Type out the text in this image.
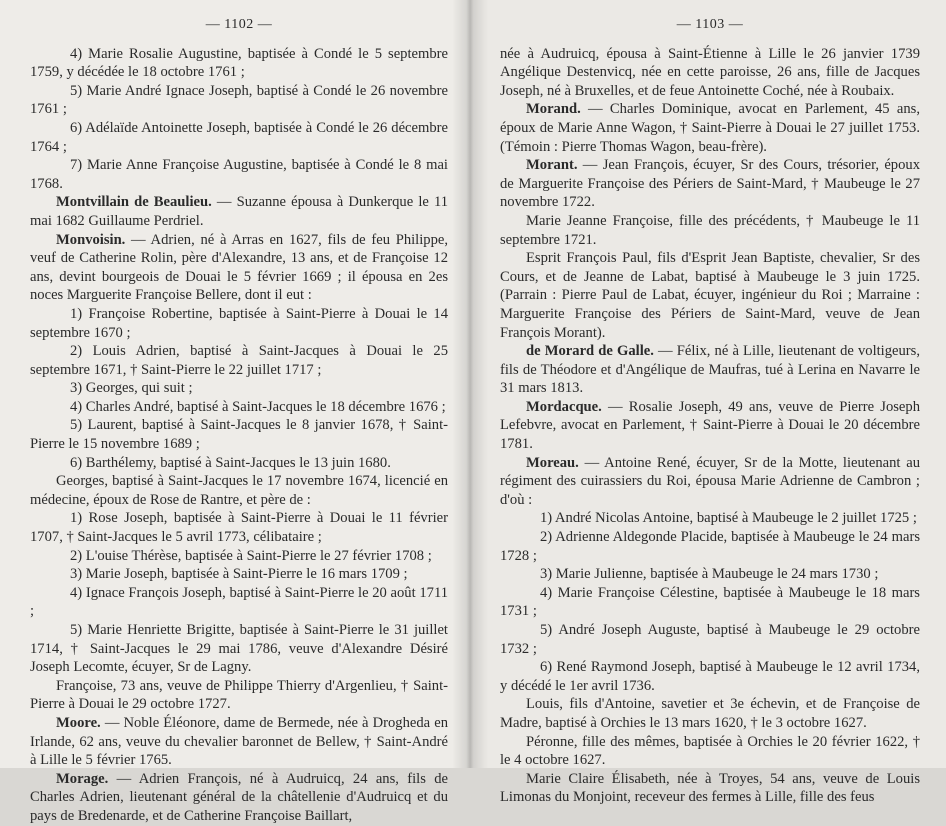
— 1102 —

4) Marie Rosalie Augustine, baptisée à Condé le 5 septembre 1759, y décédée le 18 octobre 1761 ;

5) Marie André Ignace Joseph, baptisé à Condé le 26 novembre 1761 ;

6) Adélaïde Antoinette Joseph, baptisée à Condé le 26 décembre 1764 ;

7) Marie Anne Françoise Augustine, baptisée à Condé le 8 mai 1768.

Montvillain de Beaulieu. — Suzanne épousa à Dunkerque le 11 mai 1682 Guillaume Perdriel.

Monvoisin. — Adrien, né à Arras en 1627, fils de feu Philippe, veuf de Catherine Rolin, père d'Alexandre, 13 ans, et de Françoise 12 ans, devint bourgeois de Douai le 5 février 1669 ; il épousa en 2es noces Marguerite Françoise Bellere, dont il eut :

1) Françoise Robertine, baptisée à Saint-Pierre à Douai le 14 septembre 1670 ;

2) Louis Adrien, baptisé à Saint-Jacques à Douai le 25 septembre 1671, † Saint-Pierre le 22 juillet 1717 ;

3) Georges, qui suit ;

4) Charles André, baptisé à Saint-Jacques le 18 décembre 1676 ;

5) Laurent, baptisé à Saint-Jacques le 8 janvier 1678, † Saint-Pierre le 15 novembre 1689 ;

6) Barthélemy, baptisé à Saint-Jacques le 13 juin 1680.

Georges, baptisé à Saint-Jacques le 17 novembre 1674, licencié en médecine, époux de Rose de Rantre, et père de :

1) Rose Joseph, baptisée à Saint-Pierre à Douai le 11 février 1707, † Saint-Jacques le 5 avril 1773, célibataire ;

2) L'ouise Thérèse, baptisée à Saint-Pierre le 27 février 1708 ;

3) Marie Joseph, baptisée à Saint-Pierre le 16 mars 1709 ;

4) Ignace François Joseph, baptisé à Saint-Pierre le 20 août 1711 ;

5) Marie Henriette Brigitte, baptisée à Saint-Pierre le 31 juillet 1714, † Saint-Jacques le 29 mai 1786, veuve d'Alexandre Désiré Joseph Lecomte, écuyer, Sr de Lagny.

Françoise, 73 ans, veuve de Philippe Thierry d'Argenlieu, † Saint-Pierre à Douai le 29 octobre 1727.

Moore. — Noble Éléonore, dame de Bermede, née à Drogheda en Irlande, 62 ans, veuve du chevalier baronnet de Bellew, † Saint-André à Lille le 5 février 1765.

Morage. — Adrien François, né à Audruicq, 24 ans, fils de Charles Adrien, lieutenant général de la châtellenie d'Audruicq et du pays de Bredenarde, et de Catherine Françoise Baillart,

— 1103 —

née à Audruicq, épousa à Saint-Étienne à Lille le 26 janvier 1739 Angélique Destenvicq, née en cette paroisse, 26 ans, fille de Jacques Joseph, né à Bruxelles, et de feue Antoinette Coché, née à Roubaix.

Morand. — Charles Dominique, avocat en Parlement, 45 ans, époux de Marie Anne Wagon, † Saint-Pierre à Douai le 27 juillet 1753. (Témoin : Pierre Thomas Wagon, beau-frère).

Morant. — Jean François, écuyer, Sr des Cours, trésorier, époux de Marguerite Françoise des Périers de Saint-Mard, † Maubeuge le 27 novembre 1722.

Marie Jeanne Françoise, fille des précédents, † Maubeuge le 11 septembre 1721.

Esprit François Paul, fils d'Esprit Jean Baptiste, chevalier, Sr des Cours, et de Jeanne de Labat, baptisé à Maubeuge le 3 juin 1725. (Parrain : Pierre Paul de Labat, écuyer, ingénieur du Roi ; Marraine : Marguerite Françoise des Périers de Saint-Mard, veuve de Jean François Morant).

de Morard de Galle. — Félix, né à Lille, lieutenant de voltigeurs, fils de Théodore et d'Angélique de Maufras, tué à Lerina en Navarre le 31 mars 1813.

Mordacque. — Rosalie Joseph, 49 ans, veuve de Pierre Joseph Lefebvre, avocat en Parlement, † Saint-Pierre à Douai le 20 décembre 1781.

Moreau. — Antoine René, écuyer, Sr de la Motte, lieutenant au régiment des cuirassiers du Roi, épousa Marie Adrienne de Cambron ; d'où :

1) André Nicolas Antoine, baptisé à Maubeuge le 2 juillet 1725 ;

2) Adrienne Aldegonde Placide, baptisée à Maubeuge le 24 mars 1728 ;

3) Marie Julienne, baptisée à Maubeuge le 24 mars 1730 ;

4) Marie Françoise Célestine, baptisée à Maubeuge le 18 mars 1731 ;

5) André Joseph Auguste, baptisé à Maubeuge le 29 octobre 1732 ;

6) René Raymond Joseph, baptisé à Maubeuge le 12 avril 1734, y décédé le 1er avril 1736.

Louis, fils d'Antoine, savetier et 3e échevin, et de Françoise de Madre, baptisé à Orchies le 13 mars 1620, † le 3 octobre 1627.

Péronne, fille des mêmes, baptisée à Orchies le 20 février 1622, † le 4 octobre 1627.

Marie Claire Élisabeth, née à Troyes, 54 ans, veuve de Louis Limonas du Monjoint, receveur des fermes à Lille, fille des feus
